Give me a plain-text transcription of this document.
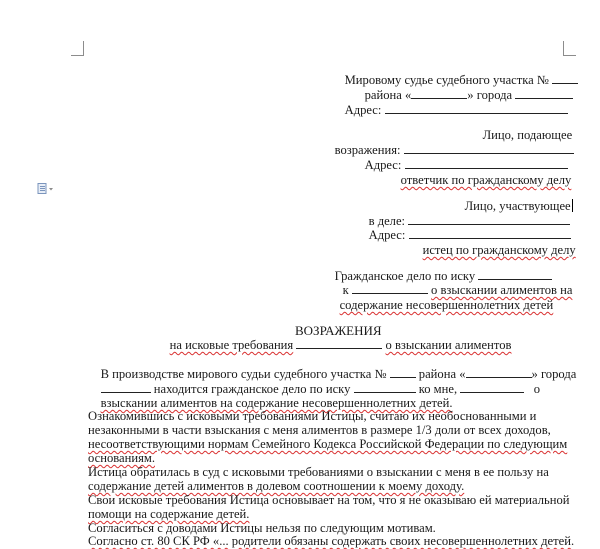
Мировому судье судебного участка №

района «	» города

Адрес:

Лицо, подающее

возражения:

Адрес:

ответчик по гражданскому делу

Лицо, участвующее

в деле:

Адрес:

истец по гражданскому делу

Гражданское дело по иску

к	о взыскании алиментов на

содержание несовершеннолетних детей

ВОЗРАЖЕНИЯ

на исковые требования	о взыскании алиментов

В производстве мирового судьи судебного участка №	района «	» города

находится гражданское дело по иску	ко мне,	о

взыскании алиментов на содержание несовершеннолетних детей.

Ознакомившись с исковыми требованиями Истицы, считаю их необоснованными и
незаконными в части взыскания с меня алиментов в размере 1/3 доли от всех доходов,
несоответствующими нормам Семейного Кодекса Российской Федерации по следующим
основаниям.
Истица обратилась в суд с исковыми требованиями о взыскании с меня в ее пользу на
содержание детей алиментов в долевом соотношении к моему доходу.
Свои исковые требования Истица основывает на том, что я не оказываю ей материальной
помощи на содержание детей.
Согласиться с доводами Истицы нельзя по следующим мотивам.
Согласно ст. 80 СК РФ «... родители обязаны содержать своих несовершеннолетних детей.
